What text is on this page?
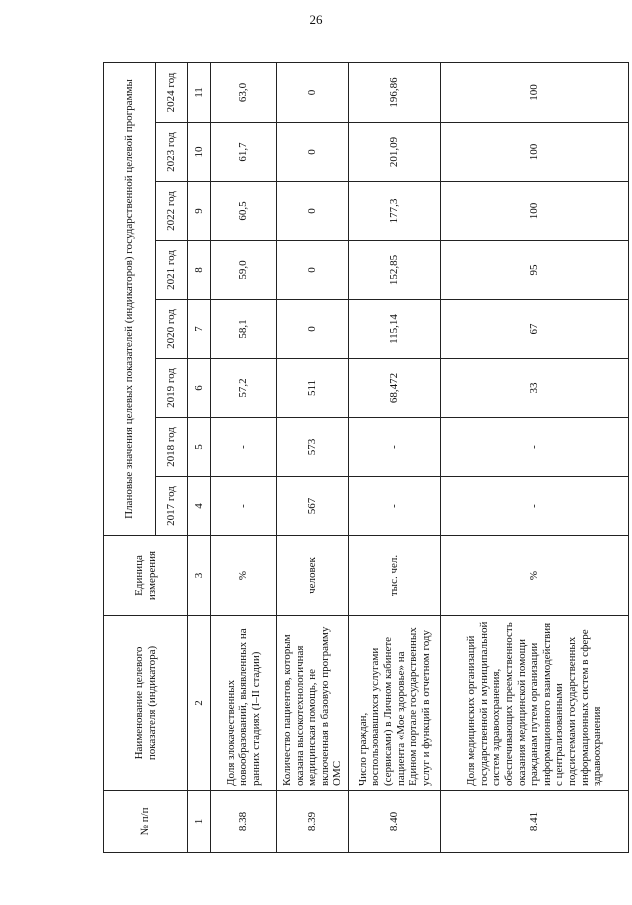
26
№ п/п	Наименование целевого показателя (индикатора)	Единица измерения	Плановые значения целевых показателей (индикаторов) государственной целевой программы							
			2017 год	2018 год	2019 год	2020 год	2021 год	2022 год	2023 год	2024 год
1	2	3	4	5	6	7	8	9	10	11
8.38	Доля злокачественных новообразований, выявленных на ранних стадиях (I–II стадии)	%	-	-	57,2	58,1	59,0	60,5	61,7	63,0
8.39	Количество пациентов, которым оказана высокотехнологичная медицинская помощь, не включенная в базовую программу ОМС	человек	567	573	511	0	0	0	0	0
8.40	Число граждан, воспользовавшихся услугами (сервисами) в Личном кабинете пациента «Мое здоровье» на Едином портале государственных услуг и функций в отчетном году	тыс. чел.	-	-	68,472	115,14	152,85	177,3	201,09	196,86
8.41	Доля медицинских организаций государственной и муниципальной систем здравоохранения, обеспечивающих преемственность оказания медицинской помощи гражданам путем организации информационного взаимодействия с централизованными подсистемами государственных информационных систем в сфере здравоохранения	%	-	-	33	67	95	100	100	100
